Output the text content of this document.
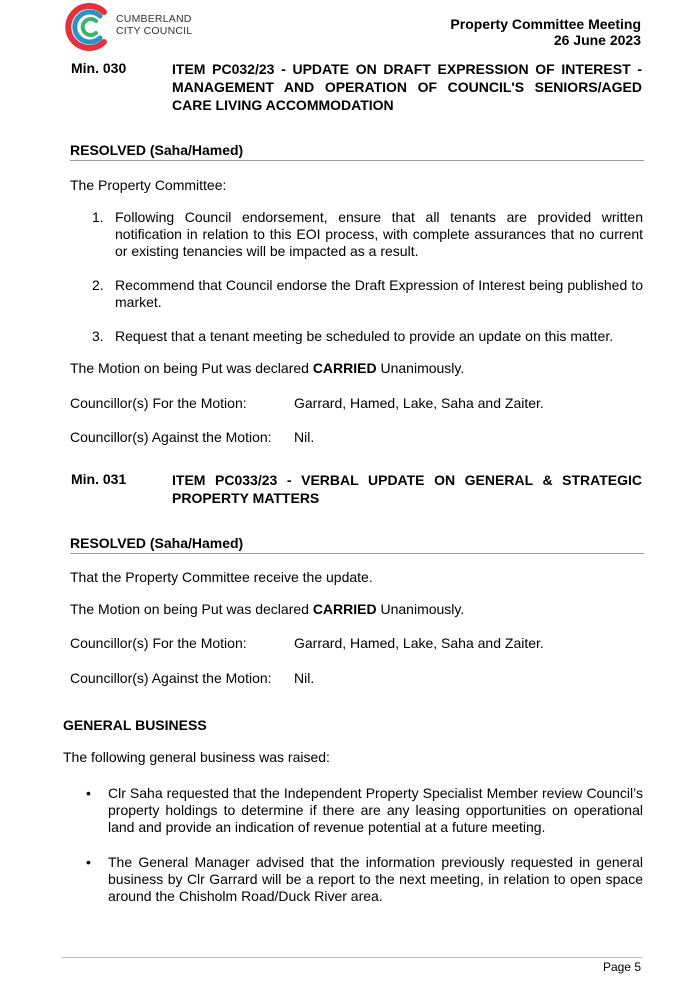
CUMBERLAND
CITY COUNCIL	Property Committee Meeting
26 June 2023
Min. 030	ITEM PC032/23 - UPDATE ON DRAFT EXPRESSION OF INTEREST - MANAGEMENT AND OPERATION OF COUNCIL'S SENIORS/AGED CARE LIVING ACCOMMODATION
RESOLVED (Saha/Hamed)
The Property Committee:
1. Following Council endorsement, ensure that all tenants are provided written notification in relation to this EOI process, with complete assurances that no current or existing tenancies will be impacted as a result.
2. Recommend that Council endorse the Draft Expression of Interest being published to market.
3. Request that a tenant meeting be scheduled to provide an update on this matter.
The Motion on being Put was declared CARRIED Unanimously.
Councillor(s) For the Motion:	Garrard, Hamed, Lake, Saha and Zaiter.
Councillor(s) Against the Motion: Nil.
Min. 031	ITEM PC033/23 - VERBAL UPDATE ON GENERAL & STRATEGIC PROPERTY MATTERS
RESOLVED (Saha/Hamed)
That the Property Committee receive the update.
The Motion on being Put was declared CARRIED Unanimously.
Councillor(s) For the Motion:	Garrard, Hamed, Lake, Saha and Zaiter.
Councillor(s) Against the Motion: Nil.
GENERAL BUSINESS
The following general business was raised:
• Clr Saha requested that the Independent Property Specialist Member review Council’s property holdings to determine if there are any leasing opportunities on operational land and provide an indication of revenue potential at a future meeting.
• The General Manager advised that the information previously requested in general business by Clr Garrard will be a report to the next meeting, in relation to open space around the Chisholm Road/Duck River area.
Page 5
